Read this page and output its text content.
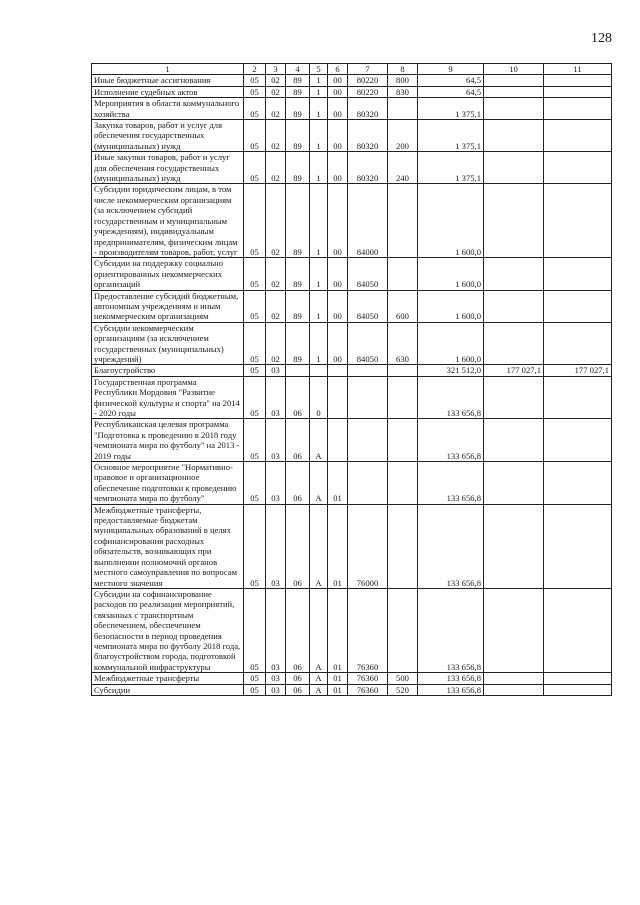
128
1	2	3	4	5	6	7	8	9	10	11
Иные бюджетные ассигнования	05	02	89	1	00	80220	800	64,5		
Исполнение судебных актов	05	02	89	1	00	80220	830	64,5		
Мероприятия в области коммунального хозяйства	05	02	89	1	00	80320		1 375,1		
Закупка товаров, работ и услуг для обеспечения государственных (муниципальных) нужд	05	02	89	1	00	80320	200	1 375,1		
Иные закупки товаров, работ и услуг для обеспечения государственных (муниципальных) нужд	05	02	89	1	00	80320	240	1 375,1		
Субсидии юридическим лицам, в том числе некоммерческим организациям (за исключением субсидий государственным и муниципальным учреждениям), индивидуальным предпринимателям, физическим лицам - производителям товаров, работ, услуг	05	02	89	1	00	84000		1 600,0		
Субсидии на поддержку социально ориентированных некоммерческих организаций	05	02	89	1	00	84050		1 600,0		
Предоставление субсидий бюджетным, автономным учреждениям и иным некоммерческим организациям	05	02	89	1	00	84050	600	1 600,0		
Субсидии некоммерческим организациям (за исключением государственных (муниципальных) учреждений)	05	02	89	1	00	84050	630	1 600,0		
Благоустройство	05	03						321 512,0	177 027,1	177 027,1
Государственная программа Республики Мордовия "Развитие физической культуры и спорта" на 2014 - 2020 годы	05	03	06	0				133 656,8		
Республиканская целевая программа "Подготовка к проведению в 2018 году чемпионата мира по футболу" на 2013 - 2019 годы	05	03	06	А				133 656,8		
Основное мероприятие "Нормативно-правовое и организационное обеспечение подготовки к проведению чемпионата мира по футболу"	05	03	06	А	01			133 656,8		
Межбюджетные трансферты, предоставляемые бюджетам муниципальных образований в целях софинансирования расходных обязательств, возникающих при выполнении полномочий органов местного самоуправления по вопросам местного значения	05	03	06	А	01	76000		133 656,8		
Субсидии на софинансирование расходов по реализации мероприятий, связанных с транспортным обеспечением, обеспечением безопасности в период проведения чемпионата мира по футболу 2018 года, благоустройством города, подготовкой коммунальной инфраструктуры	05	03	06	А	01	76360		133 656,8		
Межбюджетные трансферты	05	03	06	А	01	76360	500	133 656,8		
Субсидии	05	03	06	А	01	76360	520	133 656,8		
